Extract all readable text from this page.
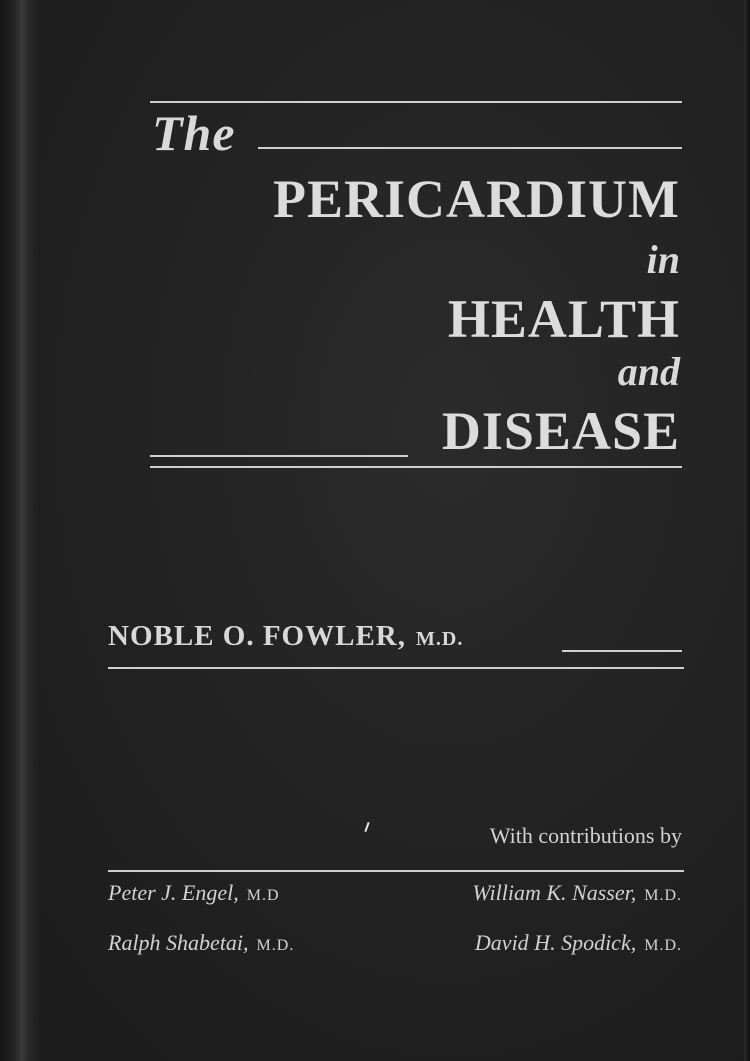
The
PERICARDIUM
in
HEALTH
and
DISEASE
NOBLE O. FOWLER, M.D.
With contributions by
Peter J. Engel, M.D	William K. Nasser, M.D.
Ralph Shabetai, M.D.	David H. Spodick, M.D.
